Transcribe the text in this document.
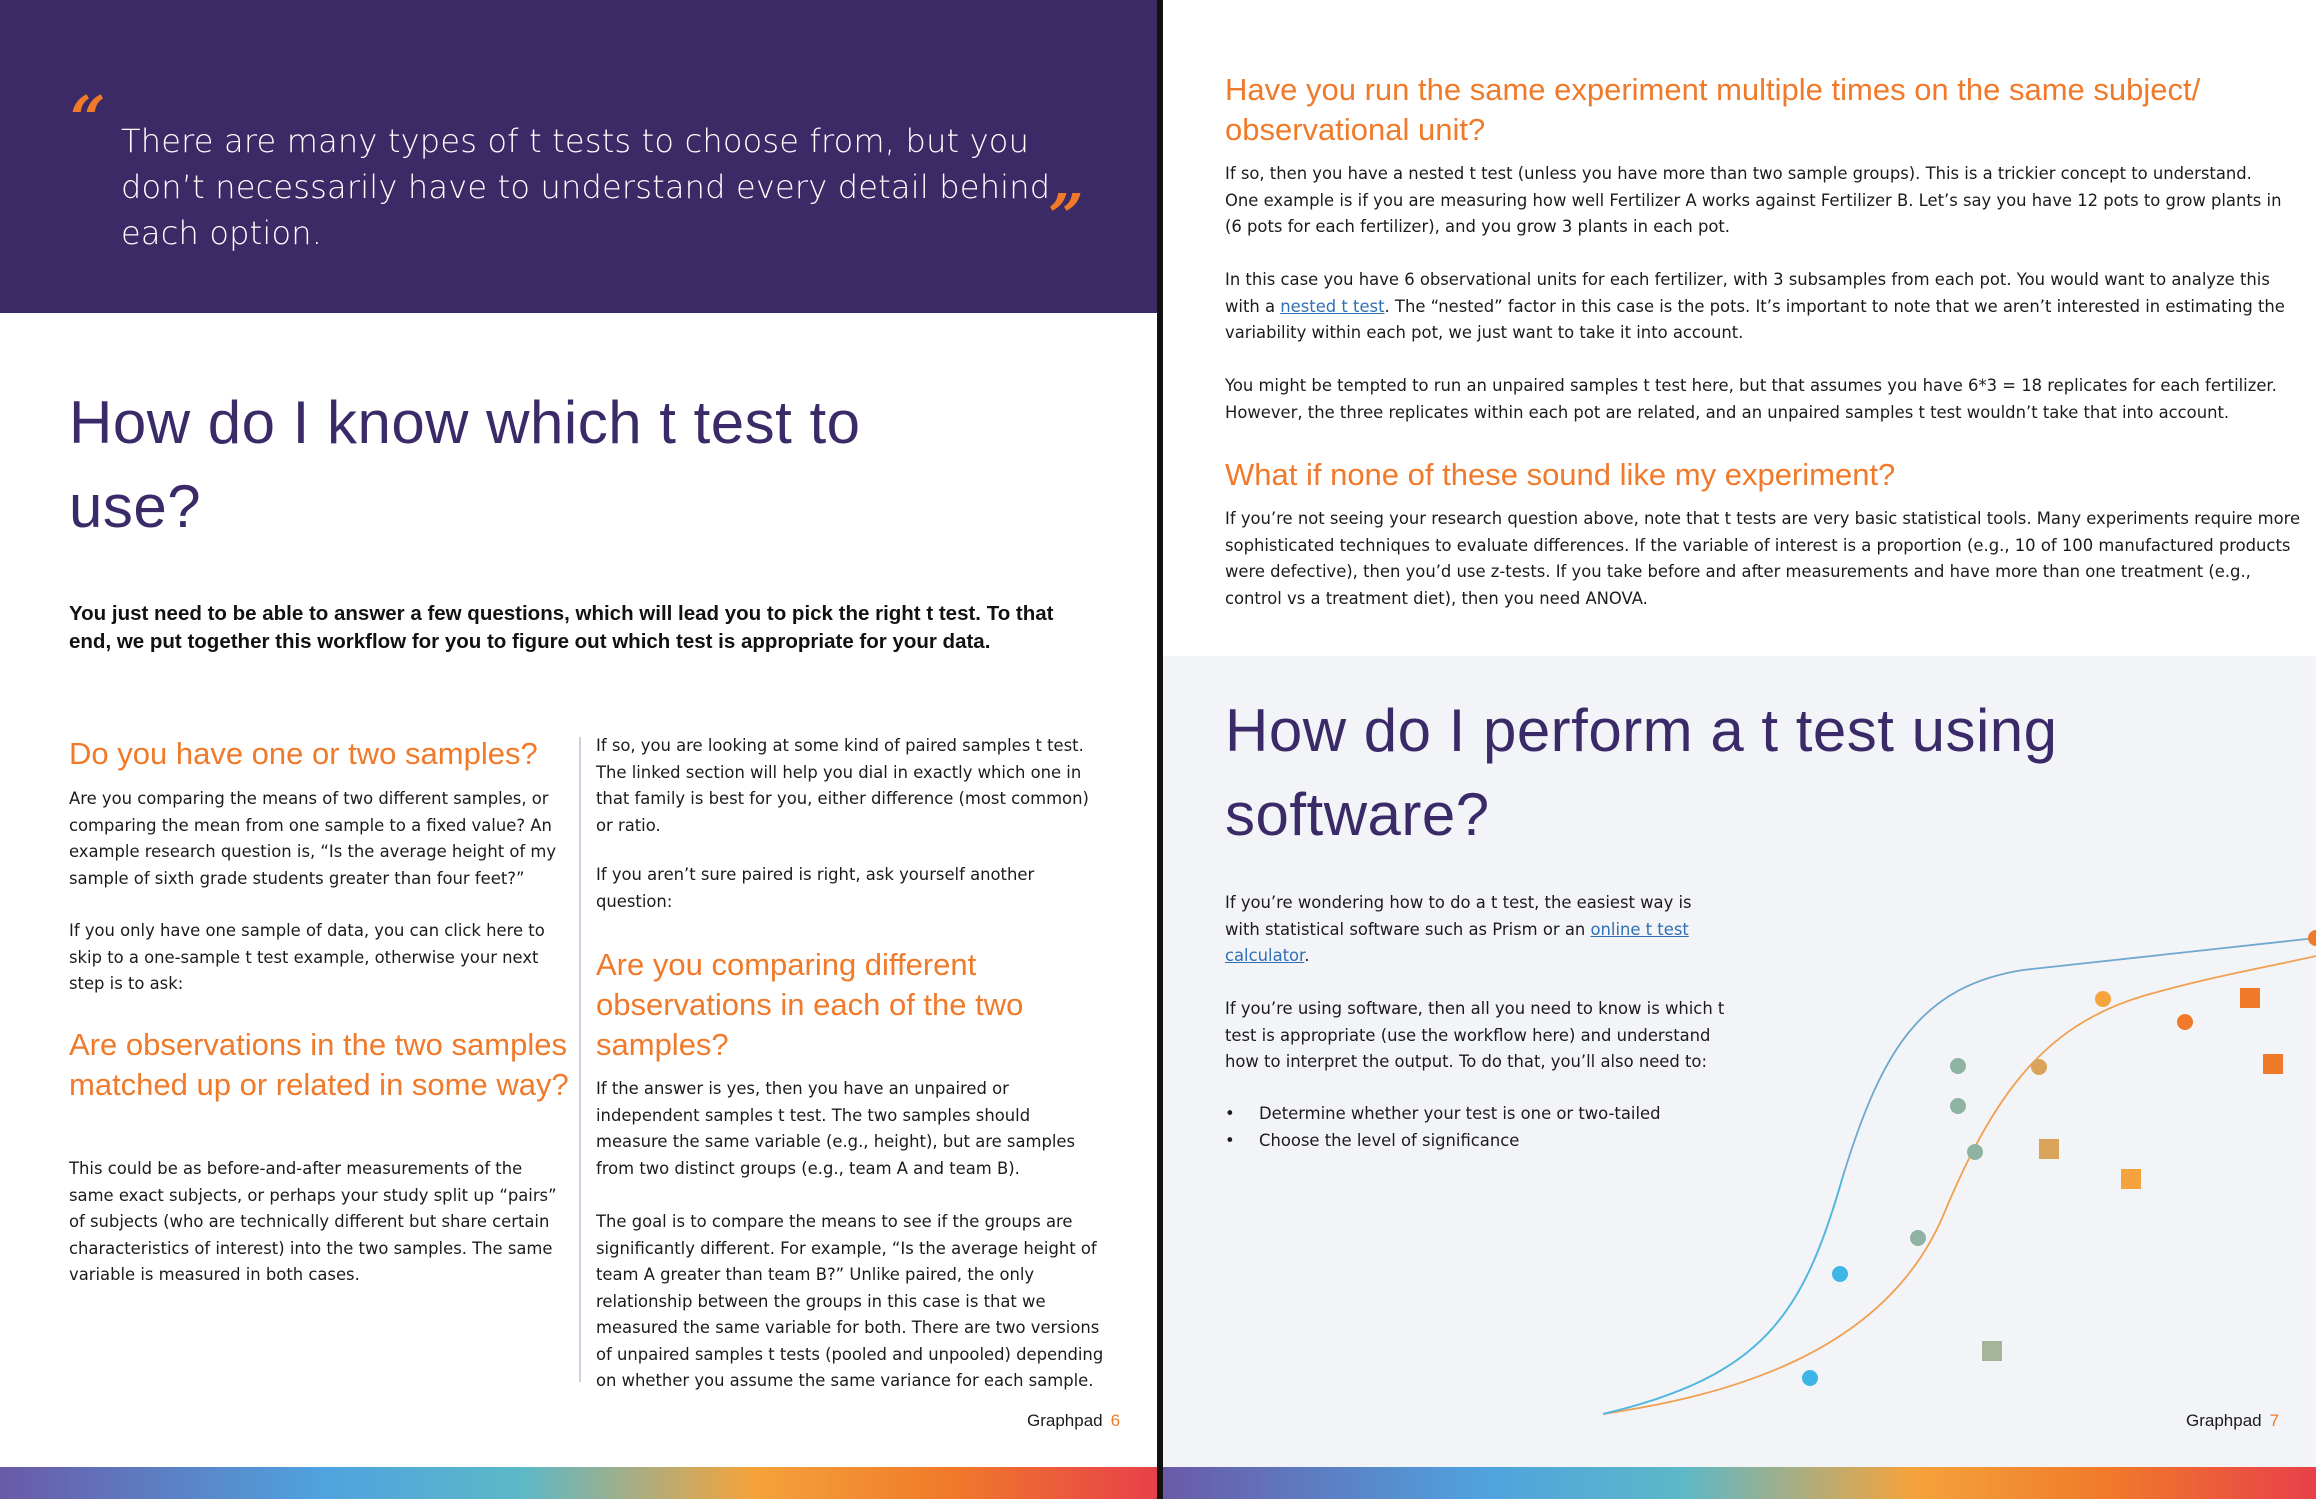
“ There are many types of t tests to choose from, but you don’t necessarily have to understand every detail behind each option.	”
How do I know which t test to use?

You just need to be able to answer a few questions, which will lead you to pick the right t test. To that end, we put together this workflow for you to figure out which test is appropriate for your data.

Do you have one or two samples?

Are you comparing the means of two different samples, or comparing the mean from one sample to a fixed value? An example research question is, “Is the average height of my sample of sixth grade students greater than four feet?”

If you only have one sample of data, you can click here to skip to a one-sample t test example, otherwise your next step is to ask:

Are observations in the two samples matched up or related in some way?

This could be as before-and-after measurements of the same exact subjects, or perhaps your study split up “pairs” of subjects (who are technically different but share certain characteristics of interest) into the two samples. The same variable is measured in both cases.

If so, you are looking at some kind of paired samples t test. The linked section will help you dial in exactly which one in that family is best for you, either difference (most common) or ratio.

If you aren’t sure paired is right, ask yourself another question:

Are you comparing different observations in each of the two samples?

If the answer is yes, then you have an unpaired or independent samples t test. The two samples should measure the same variable (e.g., height), but are samples from two distinct groups (e.g., team A and team B).

The goal is to compare the means to see if the groups are significantly different. For example, “Is the average height of team A greater than team B?” Unlike paired, the only relationship between the groups in this case is that we measured the same variable for both. There are two versions of unpaired samples t tests (pooled and unpooled) depending on whether you assume the same variance for each sample.

Graphpad 6
Have you run the same experiment multiple times on the same subject/ observational unit?

If so, then you have a nested t test (unless you have more than two sample groups). This is a trickier concept to understand. One example is if you are measuring how well Fertilizer A works against Fertilizer B. Let’s say you have 12 pots to grow plants in (6 pots for each fertilizer), and you grow 3 plants in each pot.

In this case you have 6 observational units for each fertilizer, with 3 subsamples from each pot. You would want to analyze this with a nested t test. The “nested” factor in this case is the pots. It’s important to note that we aren’t interested in estimating the variability within each pot, we just want to take it into account.

You might be tempted to run an unpaired samples t test here, but that assumes you have 6*3 = 18 replicates for each fertilizer. However, the three replicates within each pot are related, and an unpaired samples t test wouldn’t take that into account.

What if none of these sound like my experiment?

If you’re not seeing your research question above, note that t tests are very basic statistical tools. Many experiments require more sophisticated techniques to evaluate differences. If the variable of interest is a proportion (e.g., 10 of 100 manufactured products were defective), then you’d use z-tests. If you take before and after measurements and have more than one treatment (e.g., control vs a treatment diet), then you need ANOVA.

How do I perform a t test using software?

If you’re wondering how to do a t test, the easiest way is with statistical software such as Prism or an online t test calculator.

If you’re using software, then all you need to know is which t test is appropriate (use the workflow here) and understand how to interpret the output. To do that, you’ll also need to:

• Determine whether your test is one or two-tailed
• Choose the level of significance
Graphpad 7
